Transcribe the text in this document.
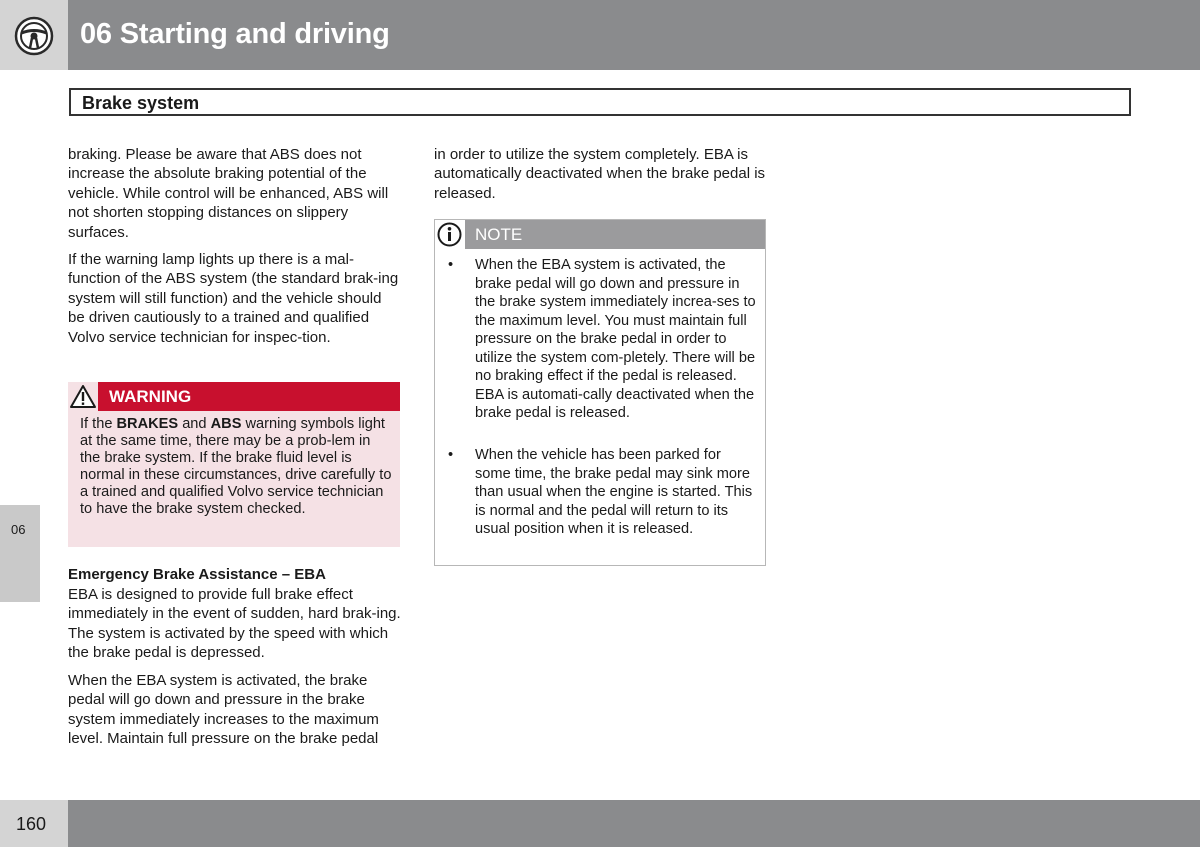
06 Starting and driving
Brake system
06
braking. Please be aware that ABS does not increase the absolute braking potential of the vehicle. While control will be enhanced, ABS will not shorten stopping distances on slippery surfaces.
If the warning lamp lights up there is a mal-function of the ABS system (the standard brak-ing system will still function) and the vehicle should be driven cautiously to a trained and qualified Volvo service technician for inspec-tion.
WARNING
If the BRAKES and ABS warning symbols light at the same time, there may be a prob-lem in the brake system. If the brake fluid level is normal in these circumstances, drive carefully to a trained and qualified Volvo service technician to have the brake system checked.
Emergency Brake Assistance – EBA
EBA is designed to provide full brake effect immediately in the event of sudden, hard brak-ing. The system is activated by the speed with which the brake pedal is depressed.
When the EBA system is activated, the brake pedal will go down and pressure in the brake system immediately increases to the maximum level. Maintain full pressure on the brake pedal
in order to utilize the system completely. EBA is automatically deactivated when the brake pedal is released.
NOTE
•	When the EBA system is activated, the brake pedal will go down and pressure in the brake system immediately increa-ses to the maximum level. You must maintain full pressure on the brake pedal in order to utilize the system com-pletely. There will be no braking effect if the pedal is released. EBA is automati-cally deactivated when the brake pedal is released.
•	When the vehicle has been parked for some time, the brake pedal may sink more than usual when the engine is started. This is normal and the pedal will return to its usual position when it is released.
160
